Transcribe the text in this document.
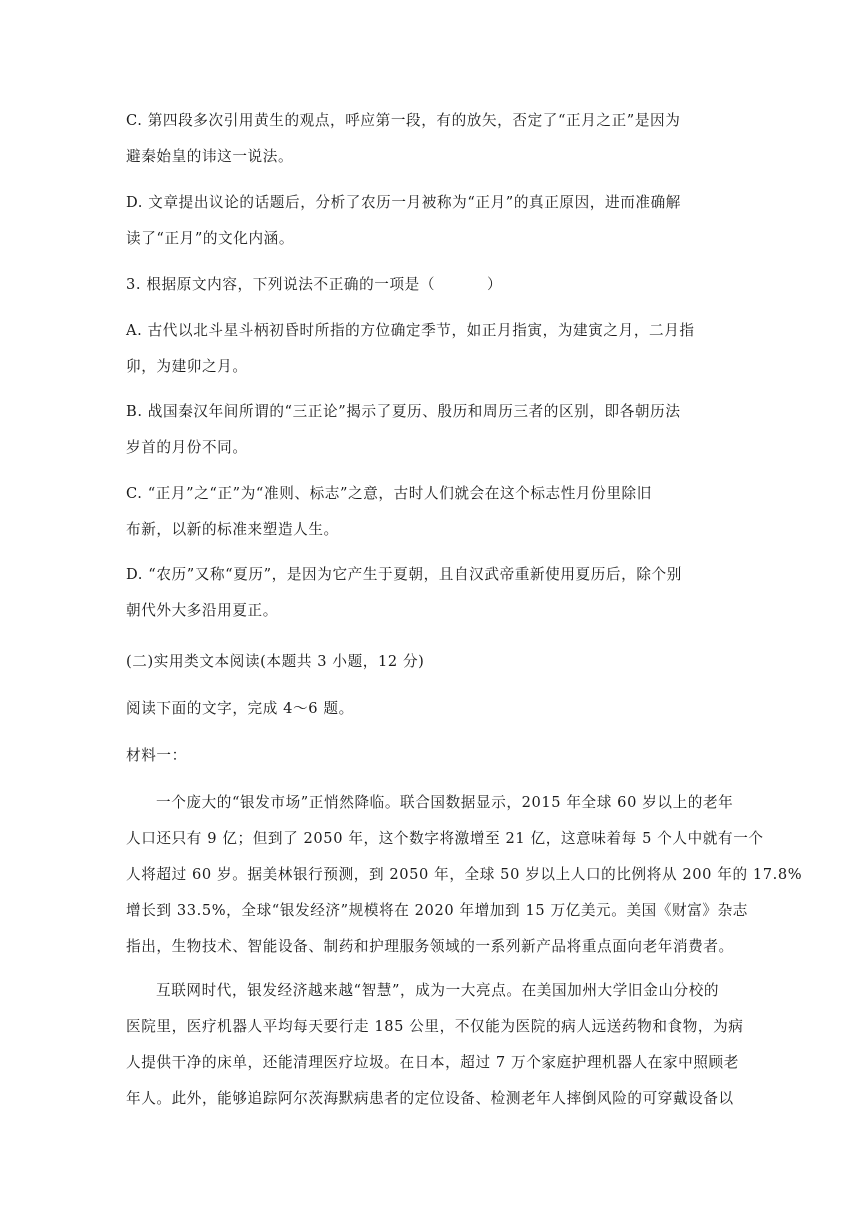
C. 第四段多次引用黄生的观点，呼应第一段，有的放矢，否定了“正月之正”是因为
避秦始皇的讳这一说法。
D. 文章提出议论的话题后，分析了农历一月被称为“正月”的真正原因，进而准确解
读了“正月”的文化内涵。
3. 根据原文内容，下列说法不正确的一项是（	）
A. 古代以北斗星斗柄初昏时所指的方位确定季节，如正月指寅，为建寅之月，二月指
卯，为建卯之月。
B. 战国秦汉年间所谓的“三正论”揭示了夏历、殷历和周历三者的区别，即各朝历法
岁首的月份不同。
C. “正月”之“正”为“准则、标志”之意，古时人们就会在这个标志性月份里除旧
布新，以新的标准来塑造人生。
D. “农历”又称“夏历”，是因为它产生于夏朝，且自汉武帝重新使用夏历后，除个别
朝代外大多沿用夏正。
(二)实用类文本阅读(本题共 3 小题，12 分)
阅读下面的文字，完成 4～6 题。
材料一：
一个庞大的“银发市场”正悄然降临。联合国数据显示，2015 年全球 60 岁以上的老年
人口还只有 9 亿；但到了 2050 年，这个数字将激增至 21 亿，这意味着每 5 个人中就有一个
人将超过 60 岁。据美林银行预测，到 2050 年，全球 50 岁以上人口的比例将从 200 年的 17.8%
增长到 33.5%，全球“银发经济”规模将在 2020 年增加到 15 万亿美元。美国《财富》杂志
指出，生物技术、智能设备、制药和护理服务领域的一系列新产品将重点面向老年消费者。
互联网时代，银发经济越来越“智慧”，成为一大亮点。在美国加州大学旧金山分校的
医院里，医疗机器人平均每天要行走 185 公里，不仅能为医院的病人远送药物和食物，为病
人提供干净的床单，还能清理医疗垃圾。在日本，超过 7 万个家庭护理机器人在家中照顾老
年人。此外，能够追踪阿尔茨海默病患者的定位设备、检测老年人摔倒风险的可穿戴设备以
